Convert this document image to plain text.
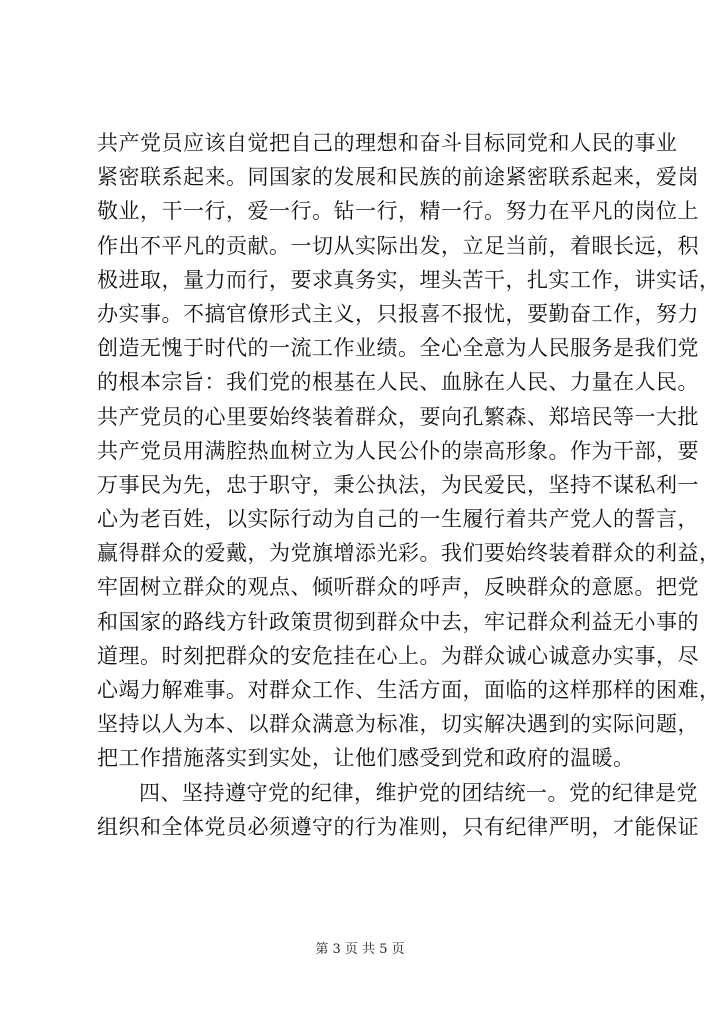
共产党员应该自觉把自己的理想和奋斗目标同党和人民的事业
紧密联系起来。同国家的发展和民族的前途紧密联系起来，爱岗
敬业，干一行，爱一行。钻一行，精一行。努力在平凡的岗位上
作出不平凡的贡献。一切从实际出发，立足当前，着眼长远，积
极进取，量力而行，要求真务实，埋头苦干，扎实工作，讲实话，
办实事。不搞官僚形式主义，只报喜不报忧，要勤奋工作，努力
创造无愧于时代的一流工作业绩。全心全意为人民服务是我们党
的根本宗旨：我们党的根基在人民、血脉在人民、力量在人民。
共产党员的心里要始终装着群众，要向孔繁森、郑培民等一大批
共产党员用满腔热血树立为人民公仆的崇高形象。作为干部，要
万事民为先，忠于职守，秉公执法，为民爱民，坚持不谋私利一
心为老百姓，以实际行动为自己的一生履行着共产党人的誓言，
赢得群众的爱戴，为党旗增添光彩。我们要始终装着群众的利益，
牢固树立群众的观点、倾听群众的呼声，反映群众的意愿。把党
和国家的路线方针政策贯彻到群众中去，牢记群众利益无小事的
道理。时刻把群众的安危挂在心上。为群众诚心诚意办实事，尽
心竭力解难事。对群众工作、生活方面，面临的这样那样的困难，
坚持以人为本、以群众满意为标准，切实解决遇到的实际问题，
把工作措施落实到实处，让他们感受到党和政府的温暖。
四、坚持遵守党的纪律，维护党的团结统一。党的纪律是党
组织和全体党员必须遵守的行为准则，只有纪律严明，才能保证
第 3 页 共 5 页
